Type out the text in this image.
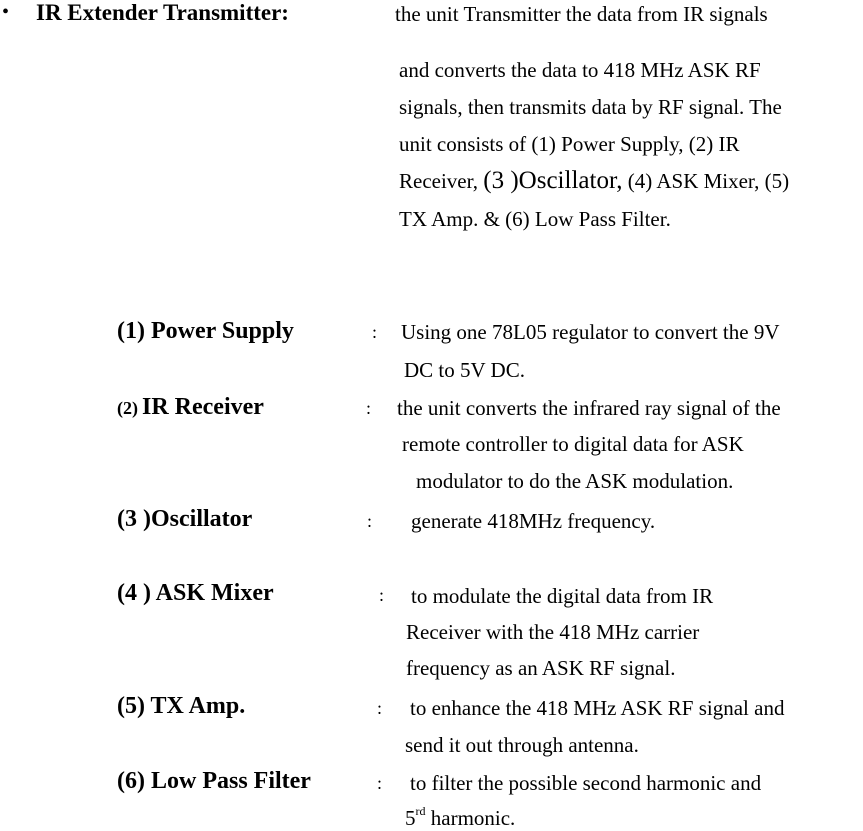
• IR Extender Transmitter:	the unit Transmitter the data from IR signals
and converts the data to 418 MHz ASK RF
signals, then transmits data by RF signal. The
unit consists of (1) Power Supply, (2) IR
Receiver, (3 )Oscillator, (4) ASK Mixer, (5)
TX Amp. & (6) Low Pass Filter.
(1) Power Supply	: Using one 78L05 regulator to convert the 9V
DC to 5V DC.
(2) IR Receiver	: the unit converts the infrared ray signal of the
remote controller to digital data for ASK
modulator to do the ASK modulation.
(3 )Oscillator	: generate 418MHz frequency.
(4 ) ASK Mixer	: to modulate the digital data from IR
Receiver with the 418 MHz carrier
frequency as an ASK RF signal.
(5) TX Amp.	: to enhance the 418 MHz ASK RF signal and
send it out through antenna.
(6) Low Pass Filter	: to filter the possible second harmonic and
5rd harmonic.
